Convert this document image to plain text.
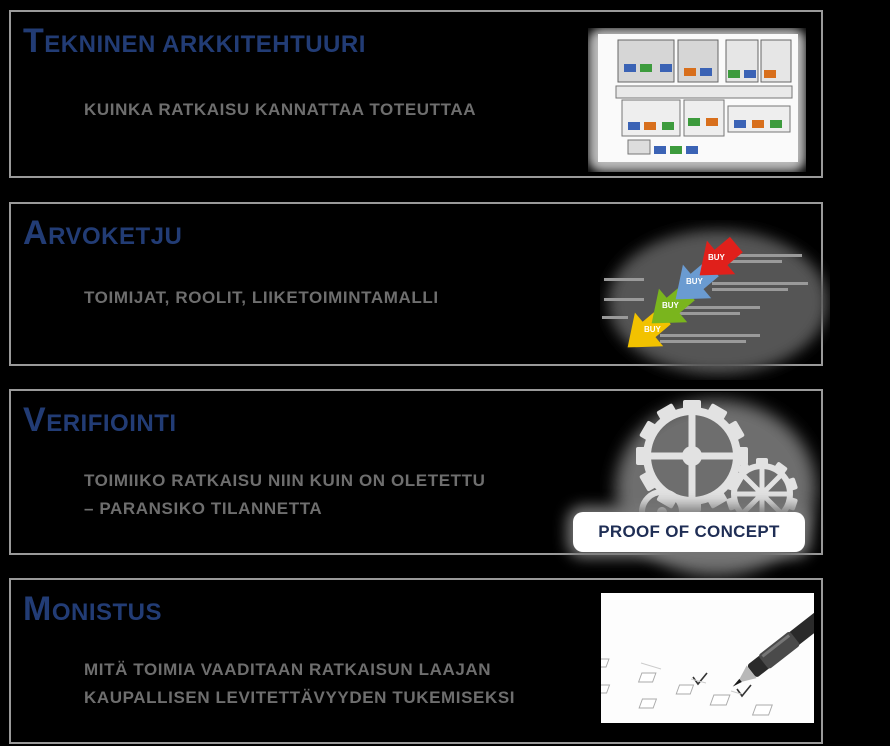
TEKNINEN ARKKITEHTUURI
KUINKA RATKAISU KANNATTAA TOTEUTTAA
ARVOKETJU
TOIMIJAT, ROOLIT, LIIKETOIMINTAMALLI
BUY
BUY
BUY
BUY
VERIFIOINTI
TOIMIIKO RATKAISU NIIN KUIN ON OLETETTU
– PARANSIKO TILANNETTA
PROOF OF CONCEPT
MONISTUS
MITÄ TOIMIA VAADITAAN RATKAISUN LAAJAN
KAUPALLISEN LEVITETTÄVYYDEN TUKEMISEKSI
